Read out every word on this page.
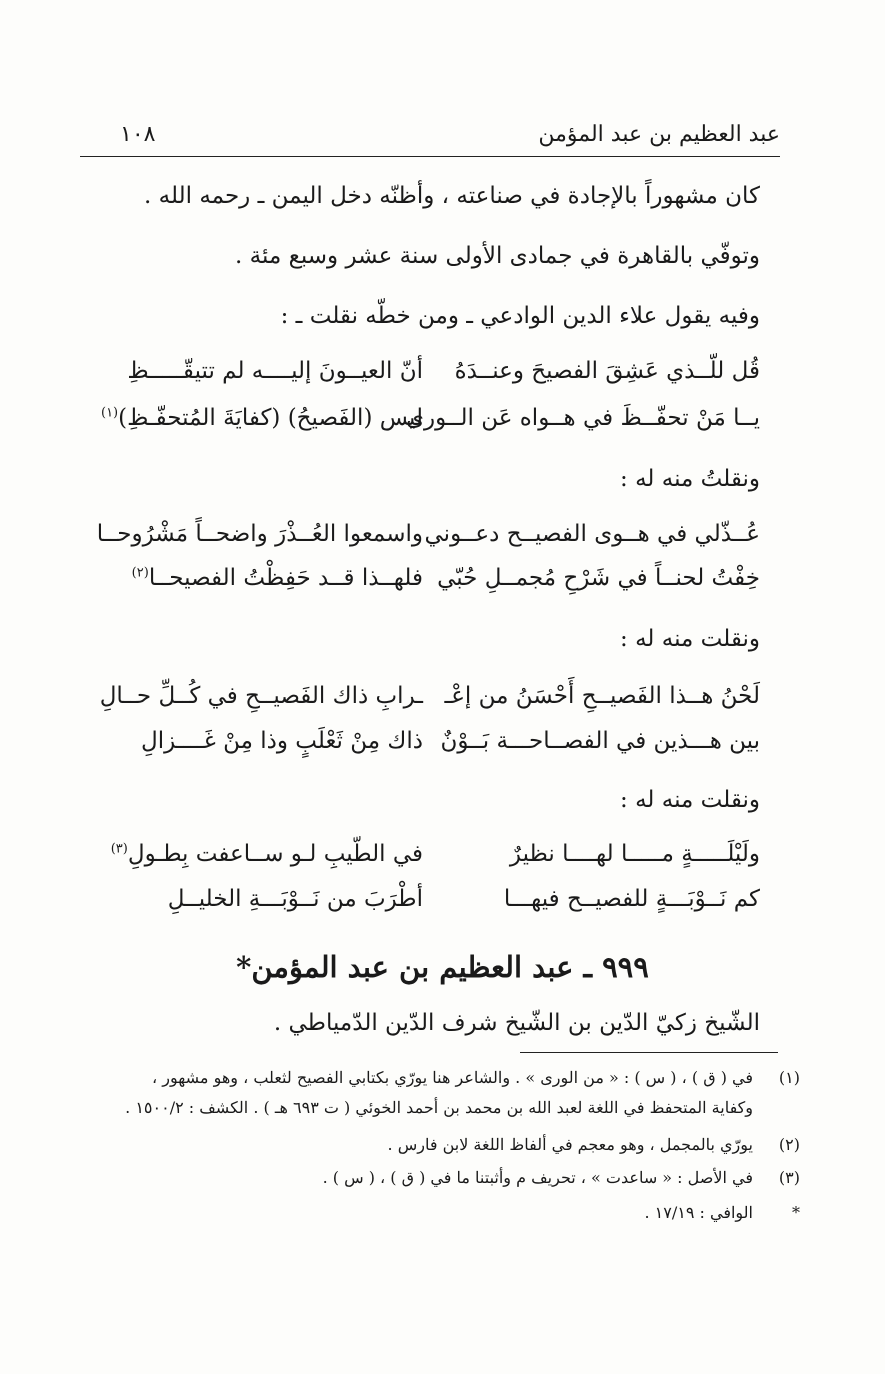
عبد العظيم بن عبد المؤمن
١٠٨
كان مشهوراً بالإجادة في صناعته ، وأظنّه دخل اليمن ـ رحمه الله .
وتوفّي بالقاهرة في جمادى الأولى سنة عشر وسبع مئة .
وفيه يقول علاء الدين الوادعي ـ ومن خطّه نقلت ـ :
قُل للّــذي عَشِقَ الفصيحَ وعنــدَهُ
أنّ العيــونَ إليــــه لم تتيقّـــــظِ
يــا مَنْ تحفّــظَ في هــواه عَن الــورى
ليس (الفَصيحُ) (كفايَةَ المُتحفّـظِ)$^{(١)}$
ونقلتُ منه له :
عُــذّلي في هــوى الفصيــح دعــوني
واسمعوا العُــذْرَ واضحــاً مَشْرُوحــا
خِفْتُ لحنــاً في شَرْحِ مُجمــلِ حُبّي
فلهــذا قــد حَفِظْتُ الفصيحــا$^{(٢)}$
ونقلت منه له :
لَحْنُ هــذا الفَصيــحِ أَحْسَنُ من إعْـ
ـرابِ ذاك الفَصيــحِ في كُــلِّ حــالِ
بين هـــذين في الفصــاحـــة بَــوْنٌ
ذاك مِنْ ثَعْلَبٍ وذا مِنْ غَــــزالِ
ونقلت منه له :
ولَيْلَـــــةٍ مـــــا لهــــا نظيرٌ
في الطّيبِ لـو ســاعفت بِطـولِ$^{(٣)}$
كم نَــوْبَـــةٍ للفصيــح فيهـــا
أطْرَبَ من نَــوْبَـــةِ الخليــلِ
٩٩٩ ـ عبد العظيم بن عبد المؤمن*
الشّيخ زكيّ الدّين بن الشّيخ شرف الدّين الدّمياطي .
(١)
في ( ق ) ، ( س ) : « من الورى » . والشاعر هنا يورّي بكتابي الفصيح لثعلب ، وهو مشهور ،
وكفاية المتحفظ في اللغة لعبد الله بن محمد بن أحمد الخوئي ( ت ٦٩٣ هـ ) . الكشف : ١٥٠٠/٢ .
(٢)
يورّي بالمجمل ، وهو معجم في ألفاظ اللغة لابن فارس .
(٣)
في الأصل : « ساعدت » ، تحريف م وأثبتنا ما في ( ق ) ، ( س ) .
*
الوافي : ١٧/١٩ .
